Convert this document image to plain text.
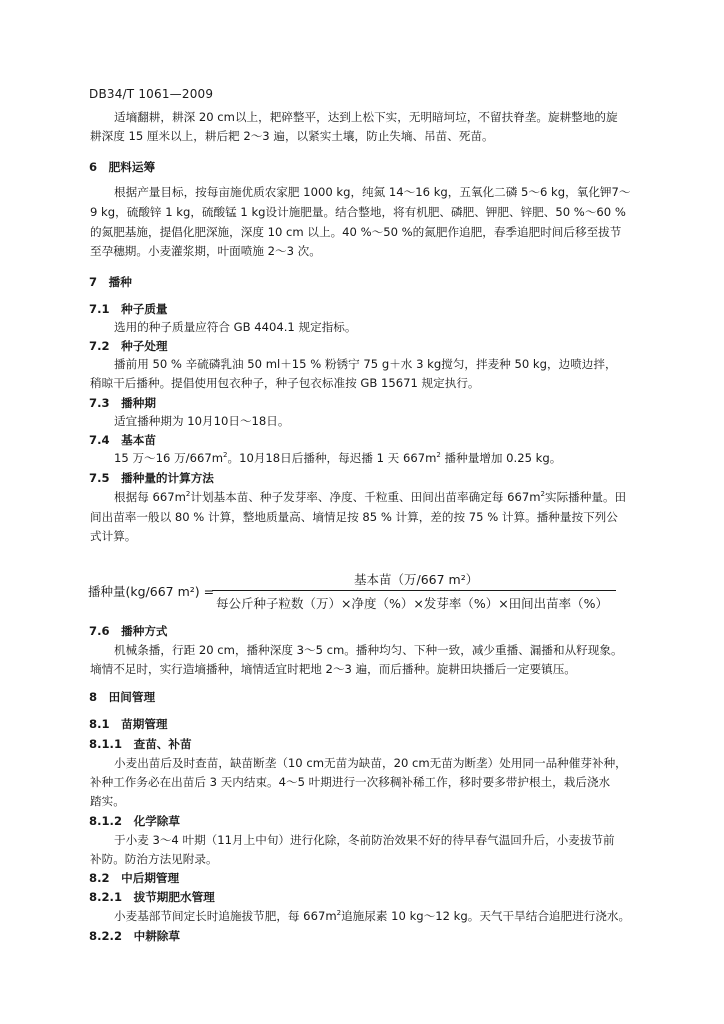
DB34/T 1061—2009
适墒翻耕，耕深 20 cm以上，耙碎整平，达到上松下实，无明暗坷垃，不留扶脊垄。旋耕整地的旋
耕深度 15 厘米以上，耕后耙 2～3 遍，以紧实土壤，防止失墒、吊苗、死苗。
6　肥料运筹
根据产量目标，按每亩施优质农家肥 1000 kg，纯氮 14～16 kg，五氧化二磷 5～6 kg，氧化钾7～
9 kg，硫酸锌 1 kg，硫酸锰 1 kg设计施肥量。结合整地，将有机肥、磷肥、钾肥、锌肥、50 %～60 %
的氮肥基施，提倡化肥深施，深度 10 cm 以上。40 %～50 %的氮肥作追肥，春季追肥时间后移至拔节
至孕穗期。小麦灌浆期，叶面喷施 2～3 次。
7　播种
7.1　种子质量
选用的种子质量应符合 GB 4404.1 规定指标。
7.2　种子处理
播前用 50 % 辛硫磷乳油 50 ml＋15 % 粉锈宁 75 g＋水 3 kg搅匀，拌麦种 50 kg，边喷边拌，
稍晾干后播种。提倡使用包衣种子，种子包衣标准按 GB 15671 规定执行。
7.3　播种期
适宜播种期为 10月10日～18日。
7.4　基本苗
15 万～16 万$/667m^2$。10月18日后播种，每迟播 1 天 $667m^2$ 播种量增加 0.25 kg。
7.5　播种量的计算方法
根据每 $667m^2$计划基本苗、种子发芽率、净度、千粒重、田间出苗率确定每 $667m^2$实际播种量。田
间出苗率一般以 80 % 计算，整地质量高、墒情足按 85 % 计算，差的按 75 % 计算。播种量按下列公
式计算。
播种量(kg/667 m²) =
基本苗（万/667 m²）
每公斤种子粒数（万）×净度（%）×发芽率（%）×田间出苗率（%）
7.6　播种方式
机械条播，行距 20 cm，播种深度 3～5 cm。播种均匀、下种一致，减少重播、漏播和从籽现象。
墒情不足时，实行造墒播种，墒情适宜时耙地 2～3 遍，而后播种。旋耕田块播后一定要镇压。
8　田间管理
8.1　苗期管理
8.1.1　查苗、补苗
小麦出苗后及时查苗，缺苗断垄（10 cm无苗为缺苗，20 cm无苗为断垄）处用同一品种催芽补种，
补种工作务必在出苗后 3 天内结束。4～5 叶期进行一次移稠补稀工作，移时要多带护根土，栽后浇水
踏实。
8.1.2　化学除草
于小麦 3～4 叶期（11月上中旬）进行化除，冬前防治效果不好的待早春气温回升后，小麦拔节前
补防。防治方法见附录。
8.2　中后期管理
8.2.1　拔节期肥水管理
小麦基部节间定长时追施拔节肥，每 $667m^2$追施尿素 10 kg～12 kg。天气干旱结合追肥进行浇水。
8.2.2　中耕除草
